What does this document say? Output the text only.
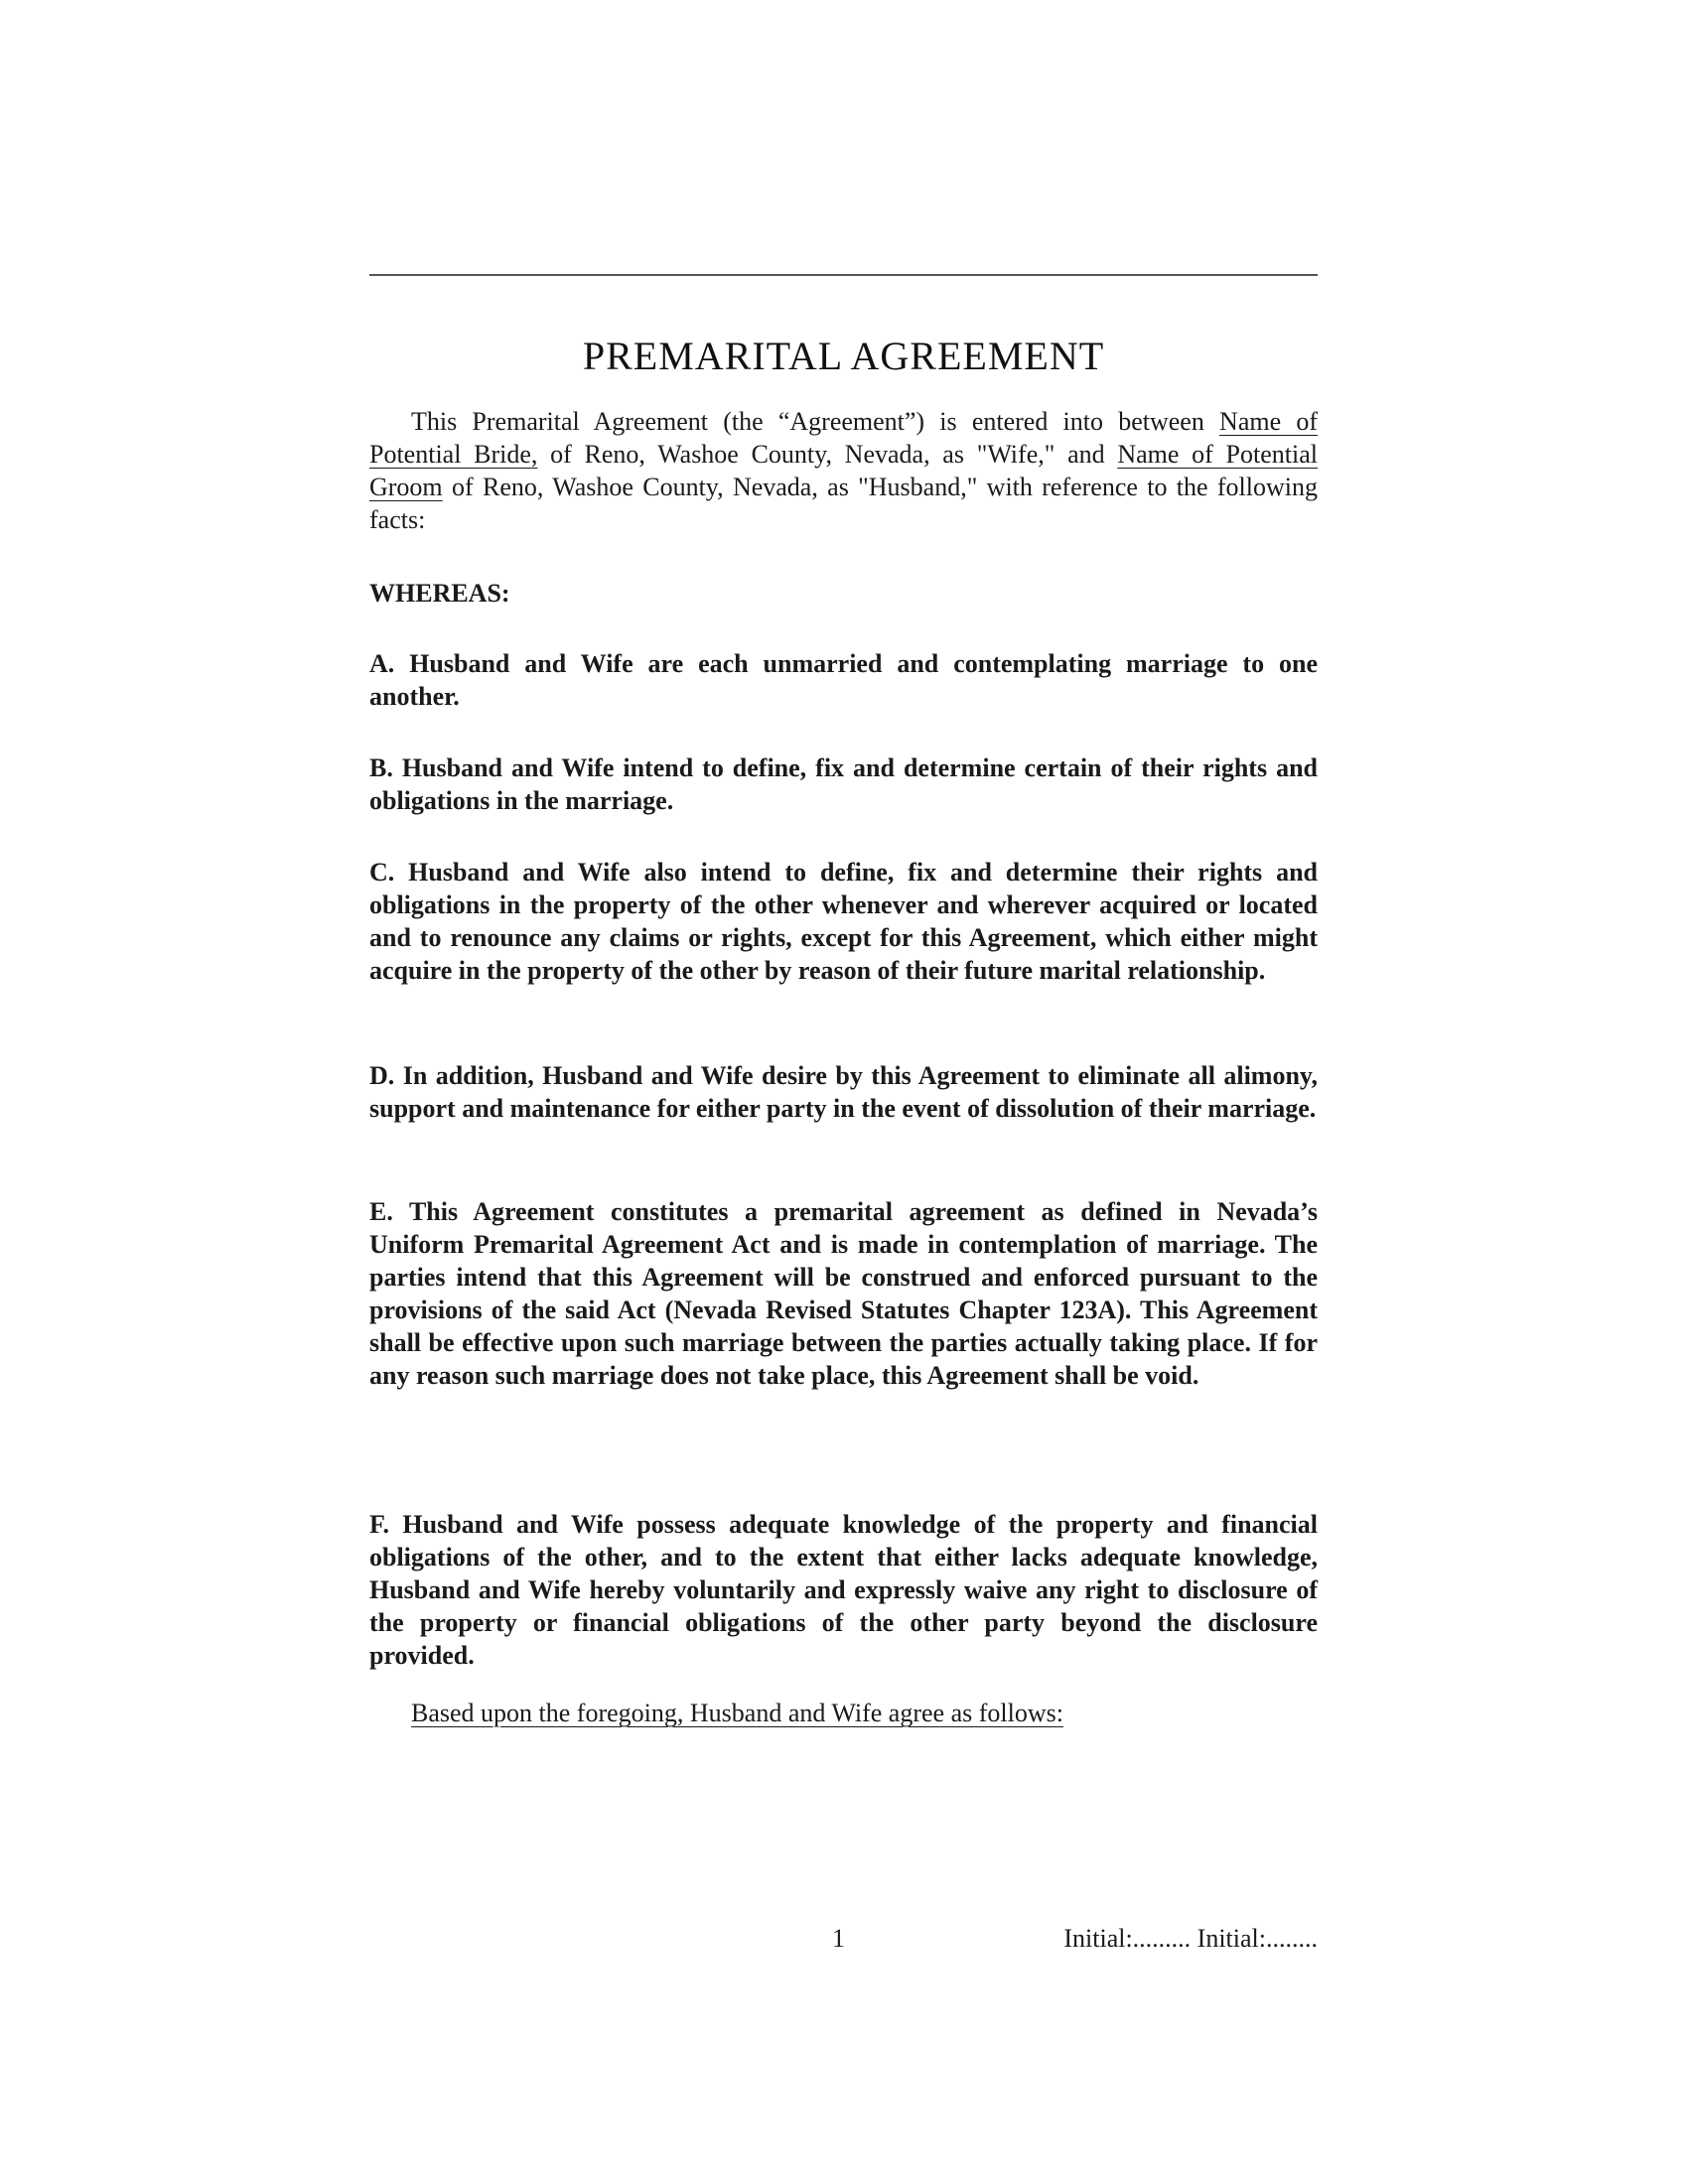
PREMARITAL AGREEMENT
This Premarital Agreement (the “Agreement”) is entered into between Name of Potential Bride, of Reno, Washoe County, Nevada, as "Wife," and Name of Potential Groom of Reno, Washoe County, Nevada, as "Husband," with reference to the following facts:
WHEREAS:
A. Husband and Wife are each unmarried and contemplating marriage to one another.
B. Husband and Wife intend to define, fix and determine certain of their rights and obligations in the marriage.
C. Husband and Wife also intend to define, fix and determine their rights and obligations in the property of the other whenever and wherever acquired or located and to renounce any claims or rights, except for this Agreement, which either might acquire in the property of the other by reason of their future marital relationship.
D. In addition, Husband and Wife desire by this Agreement to eliminate all alimony, support and maintenance for either party in the event of dissolution of their marriage.
E. This Agreement constitutes a premarital agreement as defined in Nevada’s Uniform Premarital Agreement Act and is made in contemplation of marriage. The parties intend that this Agreement will be construed and enforced pursuant to the provisions of the said Act (Nevada Revised Statutes Chapter 123A). This Agreement shall be effective upon such marriage between the parties actually taking place. If for any reason such marriage does not take place, this Agreement shall be void.
F. Husband and Wife possess adequate knowledge of the property and financial obligations of the other, and to the extent that either lacks adequate knowledge, Husband and Wife hereby voluntarily and expressly waive any right to disclosure of the property or financial obligations of the other party beyond the disclosure provided.
Based upon the foregoing, Husband and Wife agree as follows:
1	Initial:......... Initial:........
